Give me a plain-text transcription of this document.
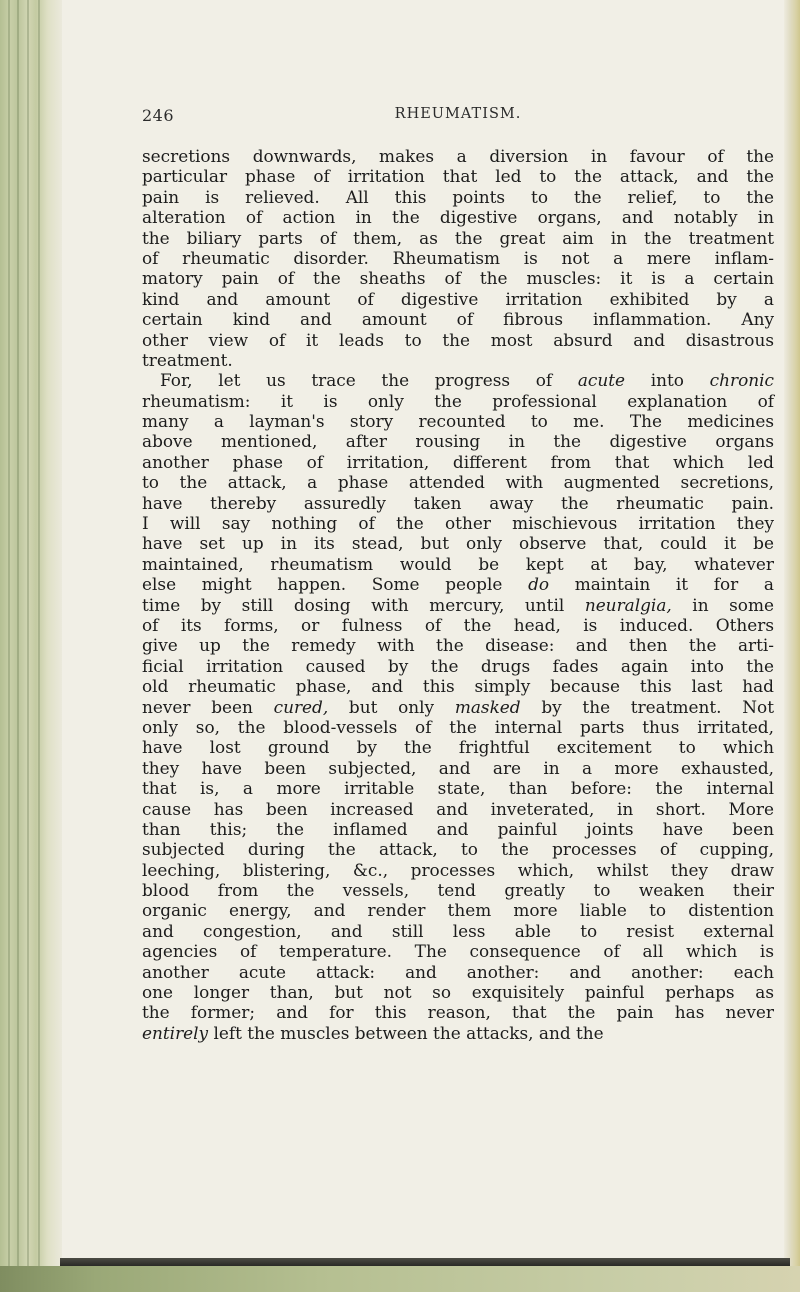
246	RHEUMATISM.
secretions downwards, makes a diversion in favour of the
particular phase of irritation that led to the attack, and the
pain is relieved. All this points to the relief, to the
alteration of action in the digestive organs, and notably in
the biliary parts of them, as the great aim in the treatment
of rheumatic disorder. Rheumatism is not a mere inflam-
matory pain of the sheaths of the muscles: it is a certain
kind and amount of digestive irritation exhibited by a
certain kind and amount of fibrous inflammation. Any
other view of it leads to the most absurd and disastrous
treatment.
For, let us trace the progress of acute into chronic
rheumatism: it is only the professional explanation of
many a layman's story recounted to me. The medicines
above mentioned, after rousing in the digestive organs
another phase of irritation, different from that which led
to the attack, a phase attended with augmented secretions,
have thereby assuredly taken away the rheumatic pain.
I will say nothing of the other mischievous irritation they
have set up in its stead, but only observe that, could it be
maintained, rheumatism would be kept at bay, whatever
else might happen. Some people do maintain it for a
time by still dosing with mercury, until neuralgia, in some
of its forms, or fulness of the head, is induced. Others
give up the remedy with the disease: and then the arti-
ficial irritation caused by the drugs fades again into the
old rheumatic phase, and this simply because this last had
never been cured, but only masked by the treatment. Not
only so, the blood-vessels of the internal parts thus irritated,
have lost ground by the frightful excitement to which
they have been subjected, and are in a more exhausted,
that is, a more irritable state, than before: the internal
cause has been increased and inveterated, in short. More
than this; the inflamed and painful joints have been
subjected during the attack, to the processes of cupping,
leeching, blistering, &c., processes which, whilst they draw
blood from the vessels, tend greatly to weaken their
organic energy, and render them more liable to distention
and congestion, and still less able to resist external
agencies of temperature. The consequence of all which is
another acute attack: and another: and another: each
one longer than, but not so exquisitely painful perhaps as
the former; and for this reason, that the pain has never
entirely left the muscles between the attacks, and the
